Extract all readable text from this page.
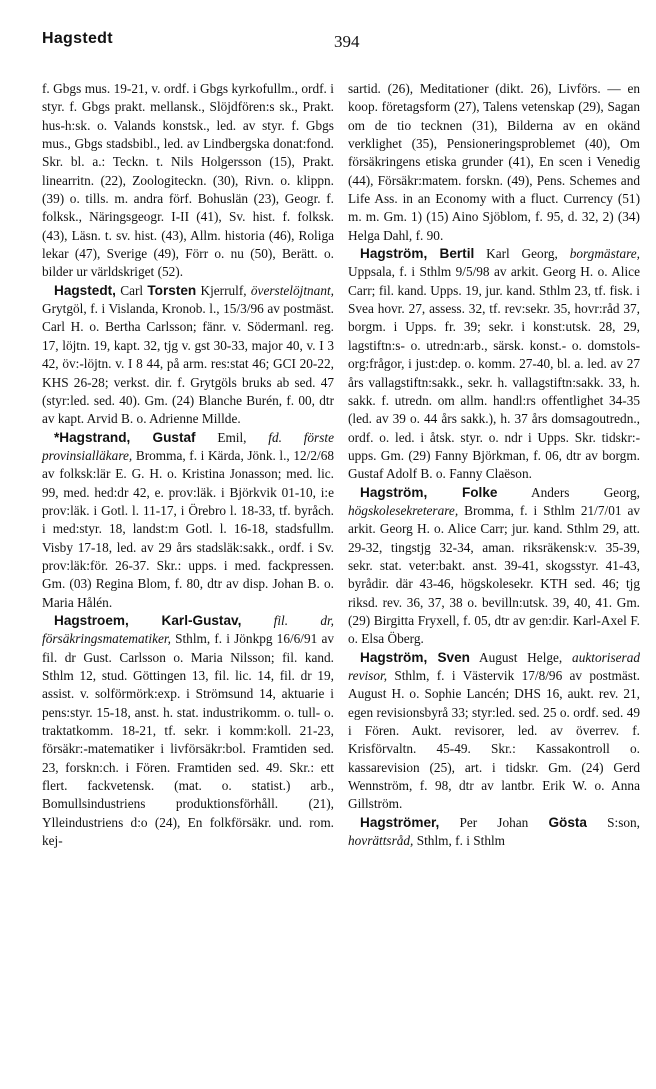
Hagstedt	394

f. Gbgs mus. 19-21, v. ordf. i Gbgs kyrkofullm., ordf. i styr. f. Gbgs prakt. mellansk., Slöjdfören:s sk., Prakt. hus-h:sk. o. Valands konstsk., led. av styr. f. Gbgs mus., Gbgs stadsbibl., led. av Lindbergska donat:fond. Skr. bl. a.: Teckn. t. Nils Holgersson (15), Prakt. linearritn. (22), Zoologiteckn. (30), Rivn. o. klippn. (39) o. tills. m. andra förf. Bohuslän (23), Geogr. f. folksk., Näringsgeogr. I-II (41), Sv. hist. f. folksk. (43), Läsn. t. sv. hist. (43), Allm. historia (46), Roliga lekar (47), Sverige (49), Förr o. nu (50), Berätt. o. bilder ur världskriget (52).

Hagstedt, Carl Torsten Kjerrulf, överstelöjtnant, Grytgöl, f. i Vislanda, Kronob. l., 15/3/96 av postmäst. Carl H. o. Bertha Carlsson; fänr. v. Södermanl. reg. 17, löjtn. 19, kapt. 32, tjg v. gst 30-33, major 40, v. I 3 42, öv:-löjtn. v. I 8 44, på arm. res:stat 46; GCI 20-22, KHS 26-28; verkst. dir. f. Grytgöls bruks ab sed. 47 (styr:led. sed. 40). Gm. (24) Blanche Burén, f. 00, dtr av kapt. Arvid B. o. Adrienne Millde.

*Hagstrand, Gustaf Emil, fd. förste provinsialläkare, Bromma, f. i Kärda, Jönk. l., 12/2/68 av folksk:lär E. G. H. o. Kristina Jonasson; med. lic. 99, med. hed:dr 42, e. prov:läk. i Björkvik 01-10, i:e prov:läk. i Gotl. l. 11-17, i Örebro l. 18-33, tf. byråch. i med:styr. 18, landst:m Gotl. l. 16-18, stadsfullm. Visby 17-18, led. av 29 års stadsläk:sakk., ordf. i Sv. prov:läk:för. 26-37. Skr.: upps. i med. fackpressen. Gm. (03) Regina Blom, f. 80, dtr av disp. Johan B. o. Maria Hålén.

Hagstroem, Karl-Gustav, fil. dr, försäkringsmatematiker, Sthlm, f. i Jönkpg 16/6/91 av fil. dr Gust. Carlsson o. Maria Nilsson; fil. kand. Sthlm 12, stud. Göttingen 13, fil. lic. 14, fil. dr 19, assist. v. solförmörk:exp. i Strömsund 14, aktuarie i pens:styr. 15-18, anst. h. stat. industrikomm. o. tull- o. traktatkomm. 18-21, tf. sekr. i komm:koll. 21-23, försäkr:-matematiker i livförsäkr:bol. Framtiden sed. 23, forskn:ch. i Fören. Framtiden sed. 49. Skr.: ett flert. fackvetensk. (mat. o. statist.) arb., Bomullsindustriens produktionsförhåll. (21), Ylleindustriens d:o (24), En folkförsäkr. und. rom. kej-

sartid. (26), Meditationer (dikt. 26), Livförs. — en koop. företagsform (27), Talens vetenskap (29), Sagan om de tio tecknen (31), Bilderna av en okänd verklighet (35), Pensioneringsproblemet (40), Om försäkringens etiska grunder (41), En scen i Venedig (44), Försäkr:matem. forskn. (49), Pens. Schemes and Life Ass. in an Economy with a fluct. Currency (51) m. m. Gm. 1) (15) Aino Sjöblom, f. 95, d. 32, 2) (34) Helga Dahl, f. 90.

Hagström, Bertil Karl Georg, borgmästare, Uppsala, f. i Sthlm 9/5/98 av arkit. Georg H. o. Alice Carr; fil. kand. Upps. 19, jur. kand. Sthlm 23, tf. fisk. i Svea hovr. 27, assess. 32, tf. rev:sekr. 35, hovr:råd 37, borgm. i Upps. fr. 39; sekr. i konst:utsk. 28, 29, lagstiftn:s- o. utredn:arb., särsk. konst.- o. domstols-org:frågor, i just:dep. o. komm. 27-40, bl. a. led. av 27 års vallagstiftn:sakk., sekr. h. vallagstiftn:sakk. 33, h. sakk. f. utredn. om allm. handl:rs offentlighet 34-35 (led. av 39 o. 44 års sakk.), h. 37 års domsagoutredn., ordf. o. led. i åtsk. styr. o. ndr i Upps. Skr. tidskr:-upps. Gm. (29) Fanny Björkman, f. 06, dtr av borgm. Gustaf Adolf B. o. Fanny Claëson.

Hagström, Folke	Anders Georg, högskolesekreterare, Bromma, f. i Sthlm 21/7/01 av arkit. Georg H. o. Alice Carr; jur. kand. Sthlm 29, att. 29-32, tingstjg 32-34, aman. riksräkensk:v. 35-39, sekr. stat. veter:bakt. anst. 39-41, skogsstyr. 41-43, byrådir. där 43-46, högskolesekr. KTH sed. 46; tjg riksd. rev. 36, 37, 38 o. bevilln:utsk. 39, 40, 41. Gm. (29) Birgitta Fryxell, f. 05, dtr av gen:dir. Karl-Axel F. o. Elsa Öberg.

Hagström, Sven August Helge, auktoriserad revisor, Sthlm, f. i Västervik 17/8/96 av postmäst. August H. o. Sophie Lancén; DHS 16, aukt. rev. 21, egen revisionsbyrå 33; styr:led. sed. 25 o. ordf. sed. 49 i Fören. Aukt. revisorer, led. av överrev. f. Krisförvaltn. 45-49. Skr.: Kassakontroll o. kassarevision (25), art. i tidskr. Gm. (24) Gerd Wennström, f. 98, dtr av lantbr. Erik W. o. Anna Gillström.

Hagströmer, Per Johan Gösta S:son, hovrättsråd, Sthlm, f. i Sthlm
